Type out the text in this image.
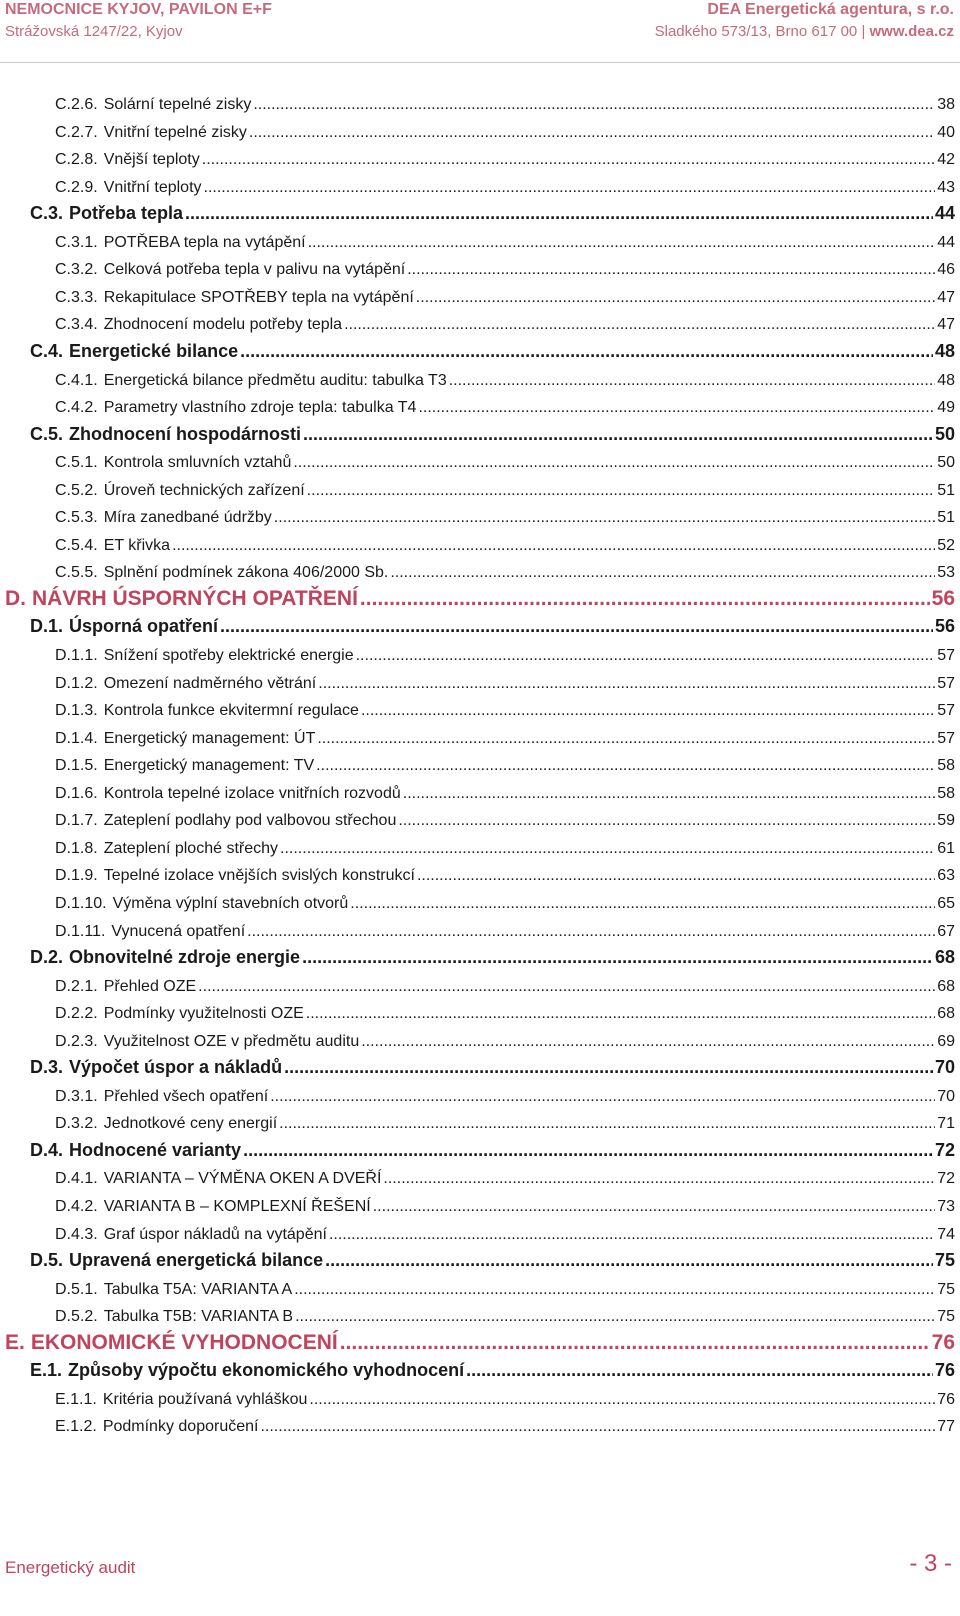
NEMOCNICE KYJOV, PAVILON E+F
Strážovská 1247/22, Kyjov
DEA Energetická agentura, s r.o.
Sladkého 573/13, Brno 617 00 | www.dea.cz
C.2.6. Solární tepelné zisky .....	38
C.2.7. Vnitřní tepelné zisky .....	40
C.2.8. Vnější teploty .....	42
C.2.9. Vnitřní teploty .....	43
C.3. Potřeba tepla .....	44
C.3.1. POTŘEBA tepla na vytápění .....	44
C.3.2. Celková potřeba tepla v palivu na vytápění .....	46
C.3.3. Rekapitulace SPOTŘEBY tepla na vytápění .....	47
C.3.4. Zhodnocení modelu potřeby tepla .....	47
C.4. Energetické bilance .....	48
C.4.1. Energetická bilance předmětu auditu: tabulka T3 .....	48
C.4.2. Parametry vlastního zdroje tepla: tabulka T4 .....	49
C.5. Zhodnocení hospodárnosti .....	50
C.5.1. Kontrola smluvních vztahů .....	50
C.5.2. Úroveň technických zařízení .....	51
C.5.3. Míra zanedbané údržby .....	51
C.5.4. ET křivka .....	52
C.5.5. Splnění podmínek zákona 406/2000 Sb. .....	53
D. NÁVRH ÚSPORNÝCH OPATŘENÍ .....	56
D.1. Úsporná opatření .....	56
D.1.1. Snížení spotřeby elektrické energie .....	57
D.1.2. Omezení nadměrného větrání .....	57
D.1.3. Kontrola funkce ekvitermní regulace .....	57
D.1.4. Energetický management: ÚT .....	57
D.1.5. Energetický management: TV .....	58
D.1.6. Kontrola tepelné izolace vnitřních rozvodů .....	58
D.1.7. Zateplení podlahy pod valbovou střechou .....	59
D.1.8. Zateplení ploché střechy .....	61
D.1.9. Tepelné izolace vnějších svislých konstrukcí .....	63
D.1.10. Výměna výplní stavebních otvorů .....	65
D.1.11. Vynucená opatření .....	67
D.2. Obnovitelné zdroje energie .....	68
D.2.1. Přehled OZE .....	68
D.2.2. Podmínky využitelnosti OZE .....	68
D.2.3. Využitelnost OZE v předmětu auditu .....	69
D.3. Výpočet úspor a nákladů .....	70
D.3.1. Přehled všech opatření .....	70
D.3.2. Jednotkové ceny energií .....	71
D.4. Hodnocené varianty .....	72
D.4.1. VARIANTA – VÝMĚNA OKEN A DVEŘÍ .....	72
D.4.2. VARIANTA B – KOMPLEXNÍ ŘEŠENÍ .....	73
D.4.3. Graf úspor nákladů na vytápění .....	74
D.5. Upravená energetická bilance .....	75
D.5.1. Tabulka T5A: VARIANTA A .....	75
D.5.2. Tabulka T5B: VARIANTA B .....	75
E. EKONOMICKÉ VYHODNOCENÍ .....	76
E.1. Způsoby výpočtu ekonomického vyhodnocení .....	76
E.1.1. Kritéria používaná vyhláškou .....	76
E.1.2. Podmínky doporučení .....	77
Energetický audit	- 3 -
